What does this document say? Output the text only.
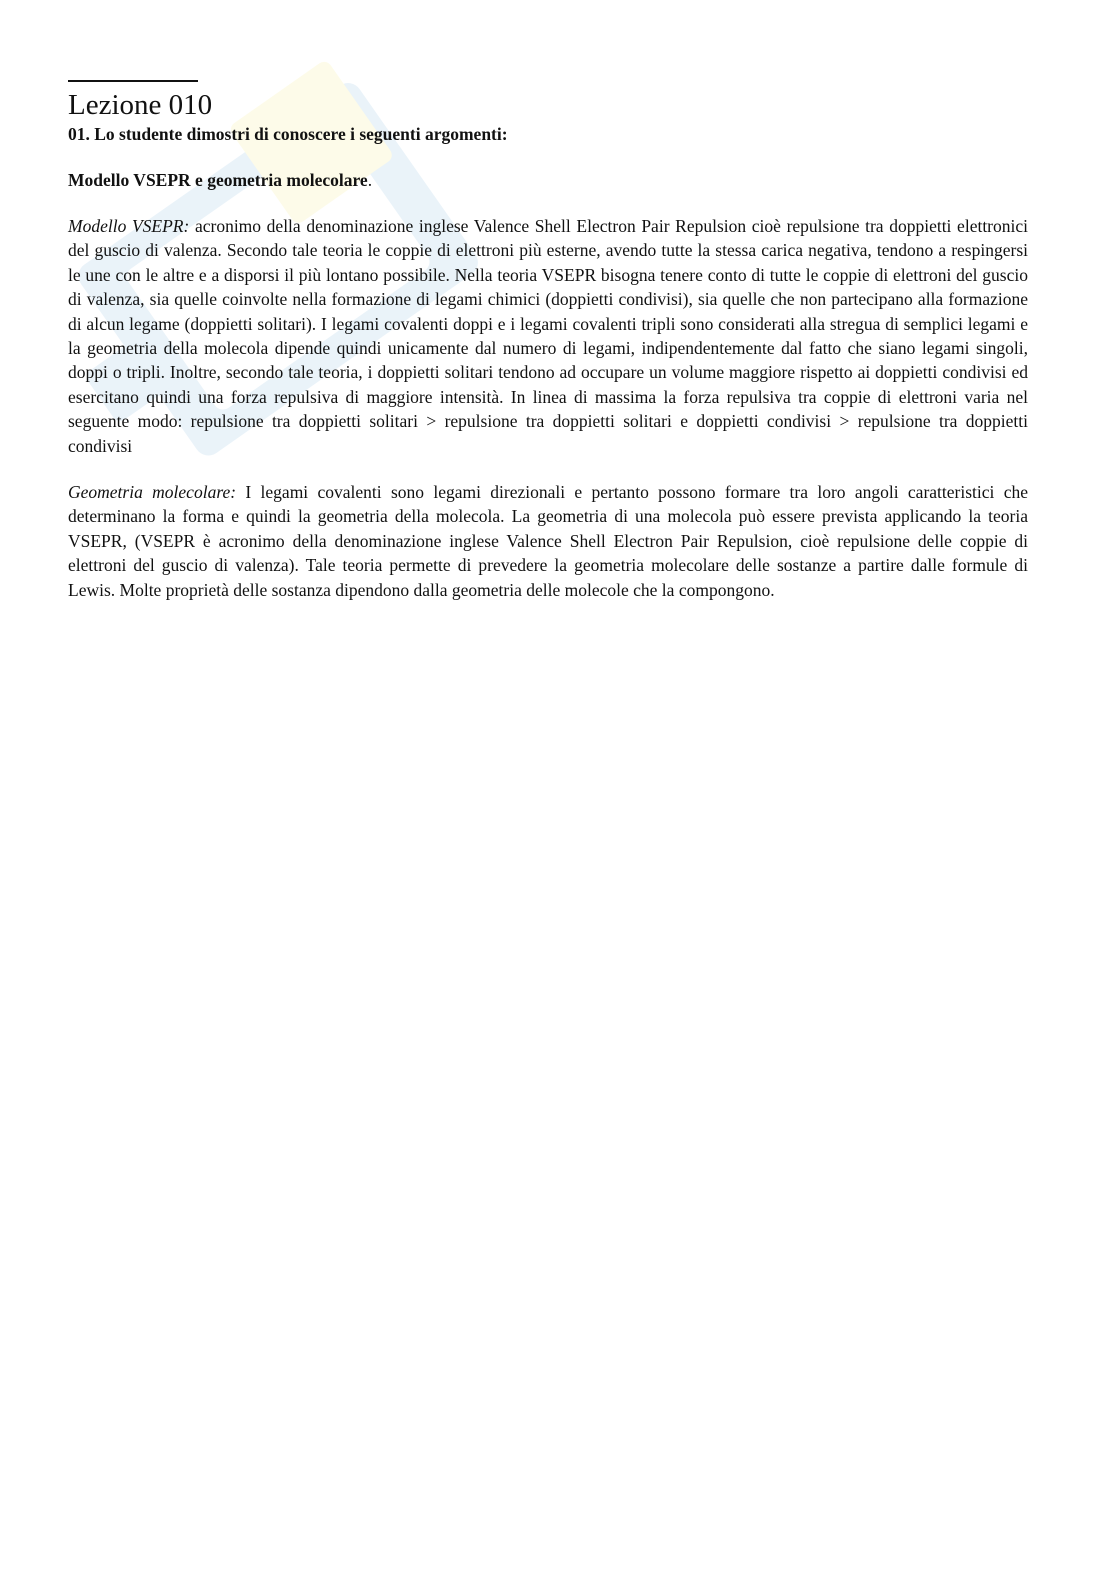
Lezione 010
01. Lo studente dimostri di conoscere i seguenti argomenti:
Modello VSEPR e geometria molecolare.

Modello VSEPR: acronimo della denominazione inglese Valence Shell Electron Pair Repulsion cioè repulsione tra doppietti elettronici del guscio di valenza. Secondo tale teoria le coppie di elettroni più esterne, avendo tutte la stessa carica negativa, tendono a respingersi le une con le altre e a disporsi il più lontano possibile. Nella teoria VSEPR bisogna tenere conto di tutte le coppie di elettroni del guscio di valenza, sia quelle coinvolte nella formazione di legami chimici (doppietti condivisi), sia quelle che non partecipano alla formazione di alcun legame (doppietti solitari). I legami covalenti doppi e i legami covalenti tripli sono considerati alla stregua di semplici legami e la geometria della molecola dipende quindi unicamente dal numero di legami, indipendentemente dal fatto che siano legami singoli, doppi o tripli. Inoltre, secondo tale teoria, i doppietti solitari tendono ad occupare un volume maggiore rispetto ai doppietti condivisi ed esercitano quindi una forza repulsiva di maggiore intensità. In linea di massima la forza repulsiva tra coppie di elettroni varia nel seguente modo: repulsione tra doppietti solitari > repulsione tra doppietti solitari e doppietti condivisi > repulsione tra doppietti condivisi

Geometria molecolare: I legami covalenti sono legami direzionali e pertanto possono formare tra loro angoli caratteristici che determinano la forma e quindi la geometria della molecola. La geometria di una molecola può essere prevista applicando la teoria VSEPR, (VSEPR è acronimo della denominazione inglese Valence Shell Electron Pair Repulsion, cioè repulsione delle coppie di elettroni del guscio di valenza). Tale teoria permette di prevedere la geometria molecolare delle sostanze a partire dalle formule di Lewis. Molte proprietà delle sostanza dipendono dalla geometria delle molecole che la compongono.
